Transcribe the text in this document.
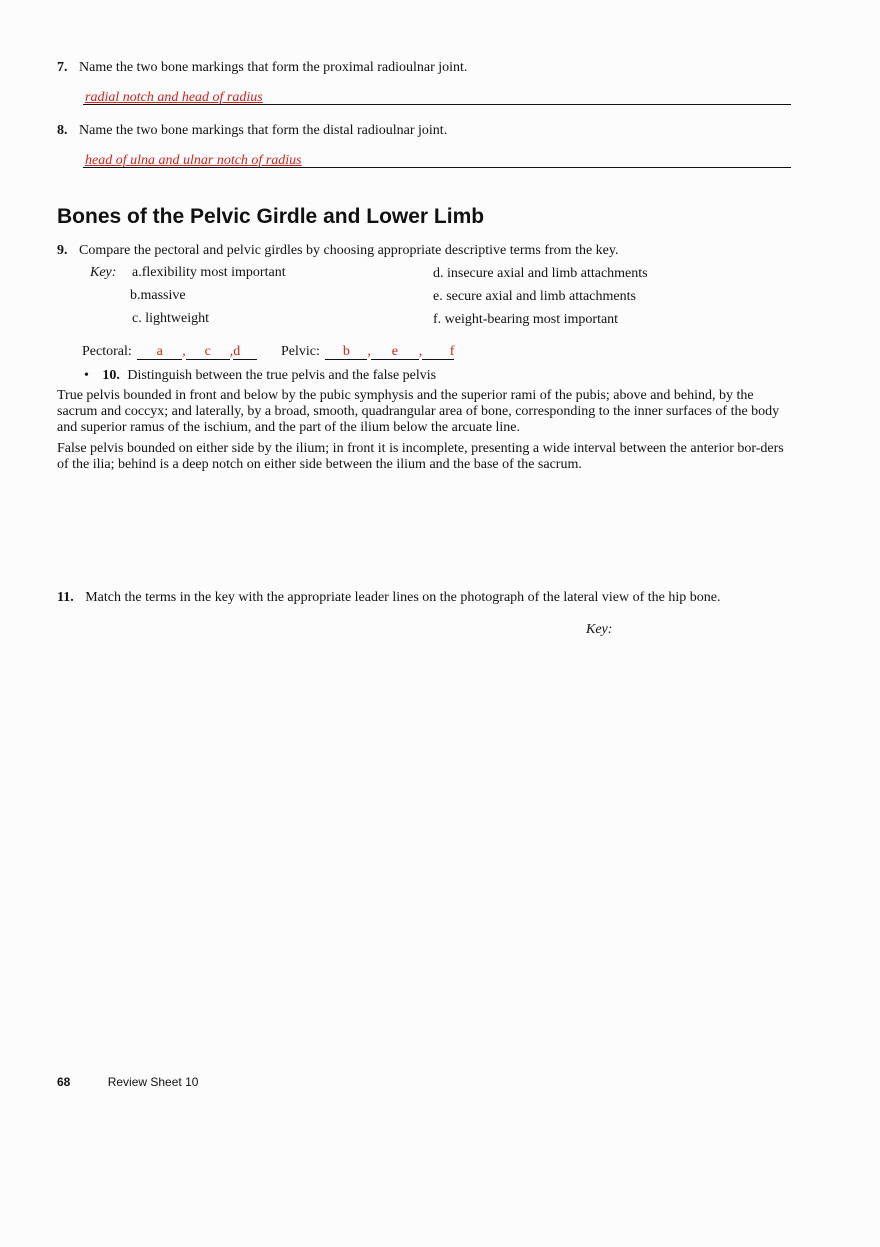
7. Name the two bone markings that form the proximal radioulnar joint.
radial notch and head of radius
8. Name the two bone markings that form the distal radioulnar joint.
head of ulna and ulnar notch of radius
Bones of the Pelvic Girdle and Lower Limb
9. Compare the pectoral and pelvic girdles by choosing appropriate descriptive terms from the key.
Key: a.flexibility most important
b.massive
c. lightweight
d. insecure axial and limb attachments
e. secure axial and limb attachments
f. weight-bearing most important
Pectoral: a , c ,d	Pelvic: b , e , f
• 10. Distinguish between the true pelvis and the false pelvis
True pelvis bounded in front and below by the pubic symphysis and the superior rami of the pubis; above and behind, by the sacrum and coccyx; and laterally, by a broad, smooth, quadrangular area of bone, corresponding to the inner surfaces of the body and superior ramus of the ischium, and the part of the ilium below the arcuate line.
False pelvis bounded on either side by the ilium; in front it is incomplete, presenting a wide interval between the anterior bor-ders of the ilia; behind is a deep notch on either side between the ilium and the base of the sacrum.
11. Match the terms in the key with the appropriate leader lines on the photograph of the lateral view of the hip bone.
Key:
68	Review Sheet 10
